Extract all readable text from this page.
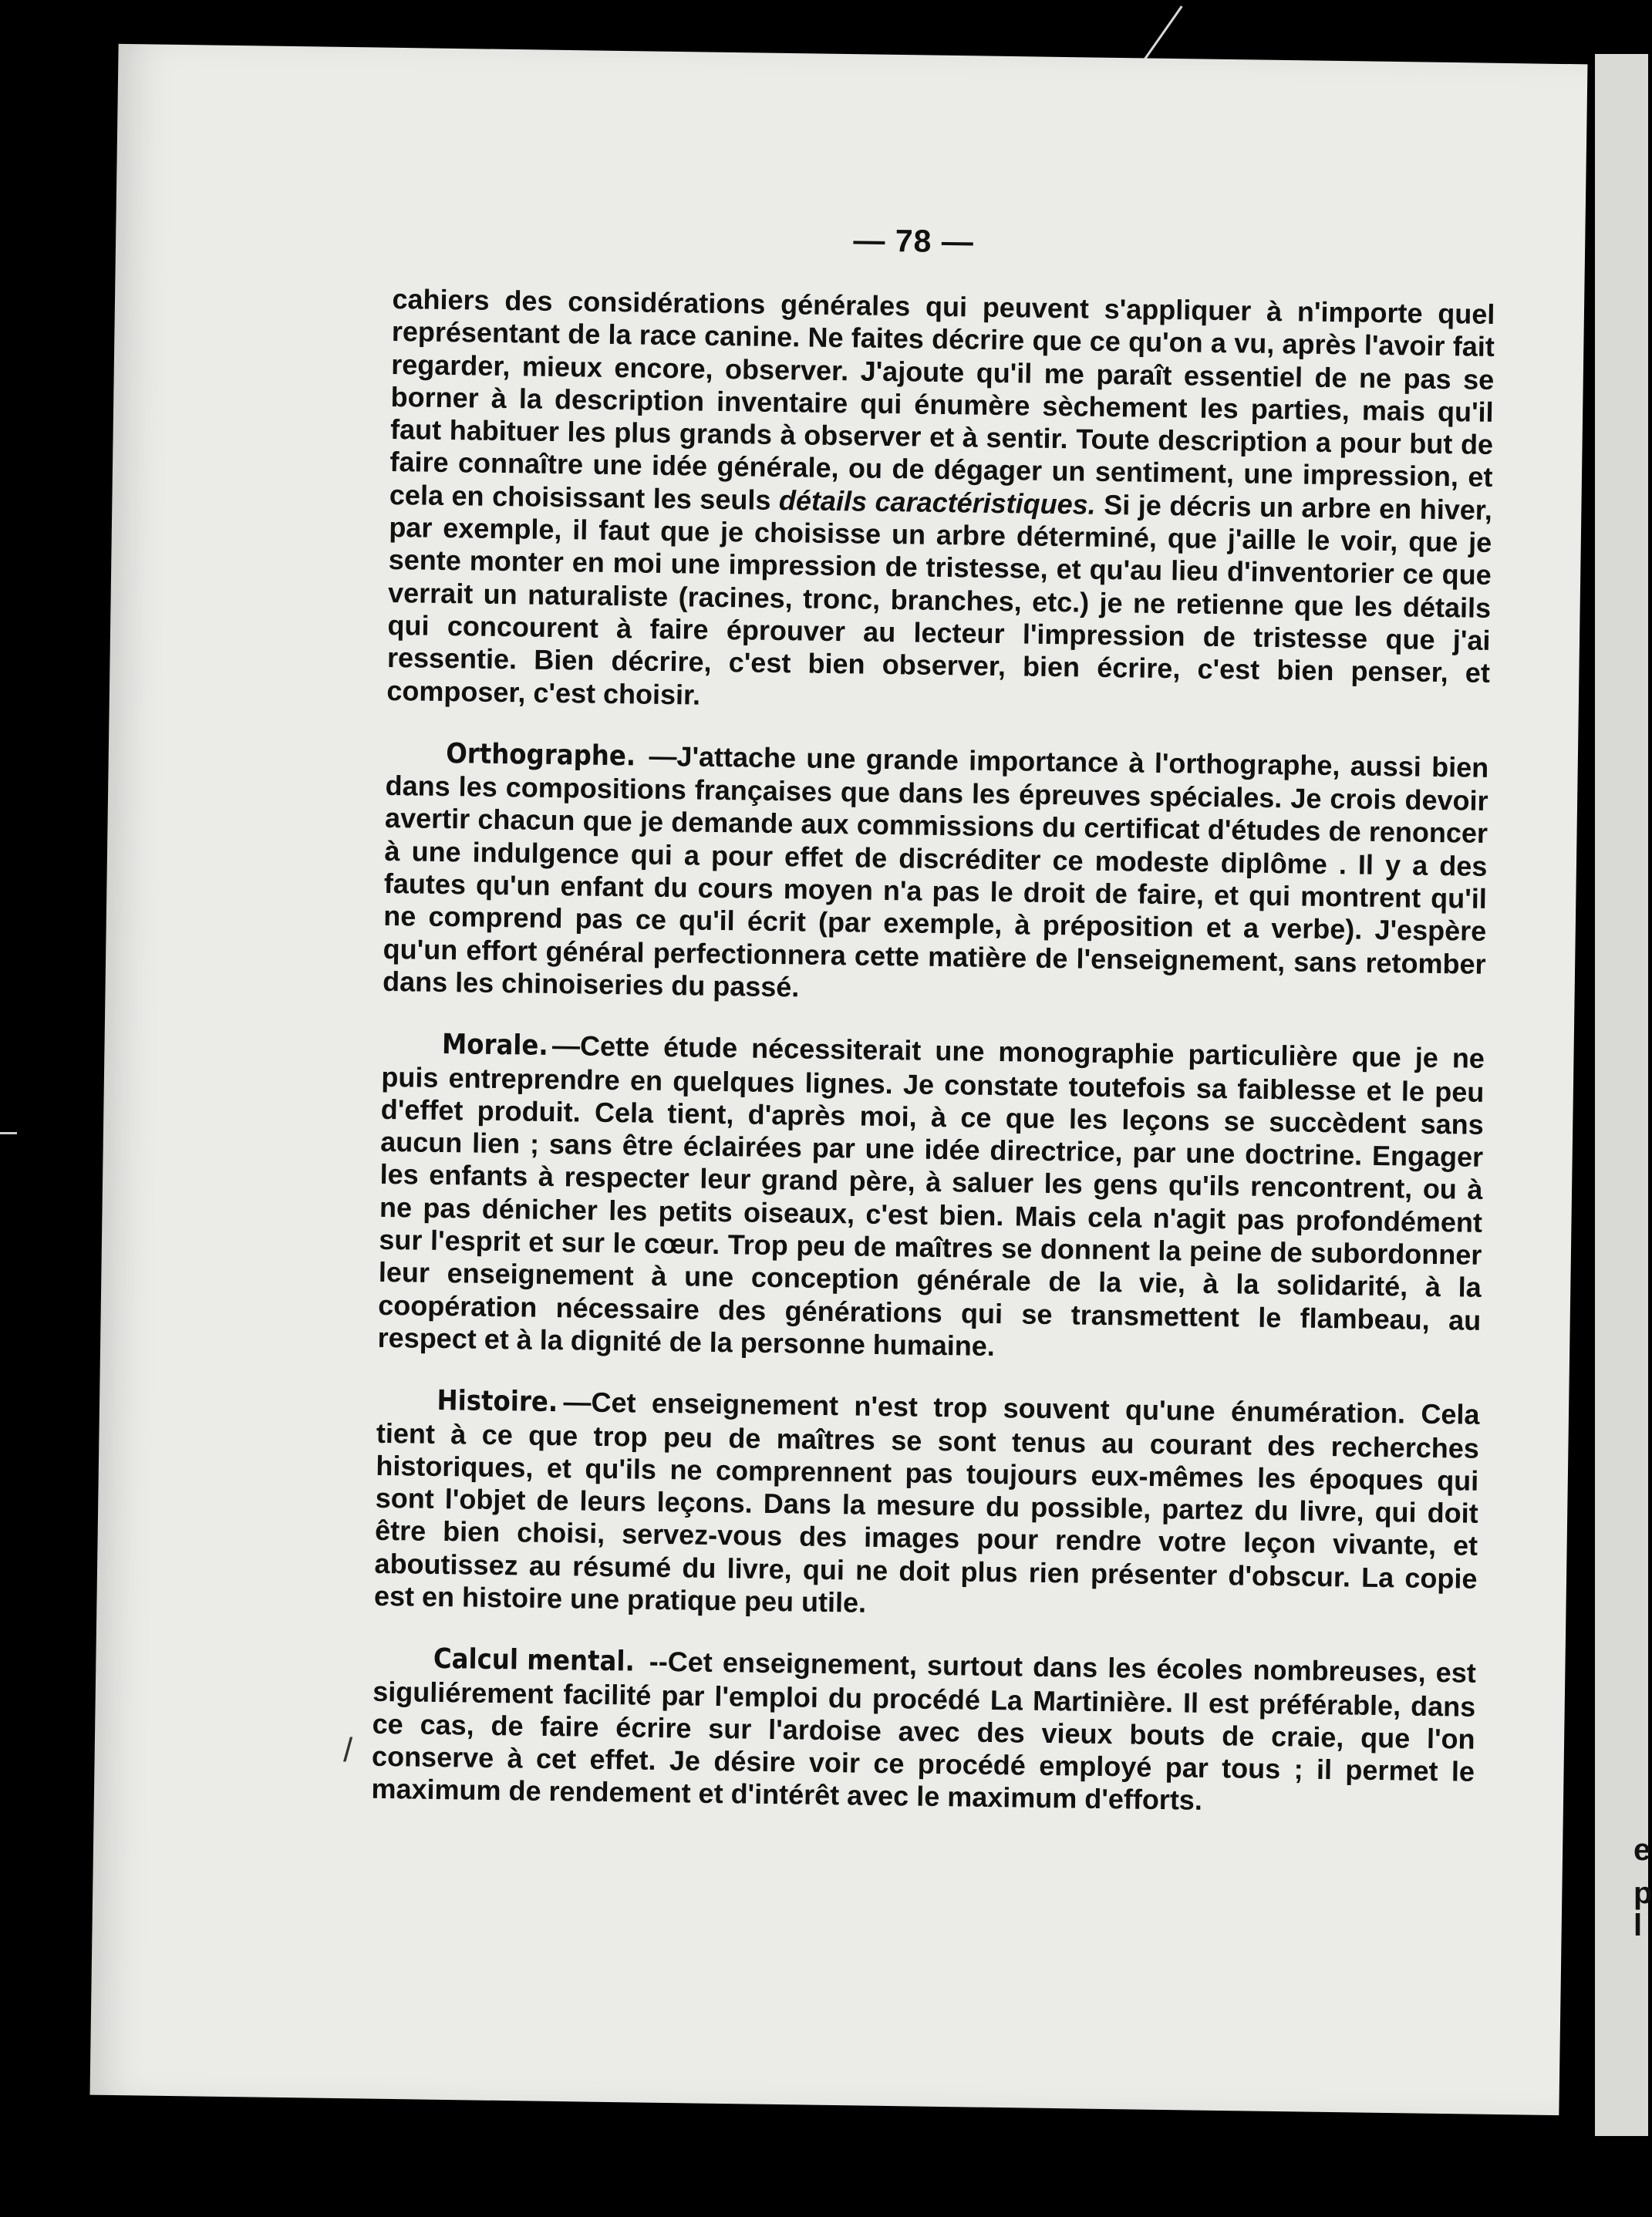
e
p
l
— 78 —

cahiers des considérations générales qui peuvent s'appliquer à n'importe quel représentant de la race canine. Ne faites décrire que ce qu'on a vu, après l'avoir fait regarder, mieux encore, observer. J'ajoute qu'il me paraît essentiel de ne pas se borner à la description inventaire qui énumère sèchement les parties, mais qu'il faut habituer les plus grands à observer et à sentir. Toute description a pour but de faire connaître une idée générale, ou de dégager un sentiment, une impression, et cela en choisissant les seuls détails caractéristiques. Si je décris un arbre en hiver, par exemple, il faut que je choisisse un arbre déterminé, que j'aille le voir, que je sente monter en moi une impression de tristesse, et qu'au lieu d'inventorier ce que verrait un naturaliste (racines, tronc, branches, etc.) je ne retienne que les détails qui concourent à faire éprouver au lecteur l'impression de tristesse que j'ai ressentie. Bien décrire, c'est bien observer, bien écrire, c'est bien penser, et composer, c'est choisir.

Orthographe. —J'attache une grande importance à l'orthographe, aussi bien dans les compositions françaises que dans les épreuves spéciales. Je crois devoir avertir chacun que je demande aux commissions du certificat d'études de renoncer à une indulgence qui a pour effet de discréditer ce modeste diplôme . Il y a des fautes qu'un enfant du cours moyen n'a pas le droit de faire, et qui montrent qu'il ne comprend pas ce qu'il écrit (par exemple, à préposition et a verbe). J'espère qu'un effort général perfectionnera cette matière de l'enseignement, sans retomber dans les chinoiseries du passé.

Morale. —Cette étude nécessiterait une monographie particulière que je ne puis entreprendre en quelques lignes. Je constate toutefois sa faiblesse et le peu d'effet produit. Cela tient, d'après moi, à ce que les leçons se succèdent sans aucun lien ; sans être éclairées par une idée directrice, par une doctrine. Engager les enfants à respecter leur grand père, à saluer les gens qu'ils rencontrent, ou à ne pas dénicher les petits oiseaux, c'est bien. Mais cela n'agit pas profondément sur l'esprit et sur le cœur. Trop peu de maîtres se donnent la peine de subordonner leur enseignement à une conception générale de la vie, à la solidarité, à la coopération nécessaire des générations qui se transmettent le flambeau, au respect et à la dignité de la personne humaine.

Histoire. —Cet enseignement n'est trop souvent qu'une énumération. Cela tient à ce que trop peu de maîtres se sont tenus au courant des recherches historiques, et qu'ils ne comprennent pas toujours eux-mêmes les époques qui sont l'objet de leurs leçons. Dans la mesure du possible, partez du livre, qui doit être bien choisi, servez-vous des images pour rendre votre leçon vivante, et aboutissez au résumé du livre, qui ne doit plus rien présenter d'obscur. La copie est en histoire une pratique peu utile.

Calcul mental. --Cet enseignement, surtout dans les écoles nombreuses, est siguliérement facilité par l'emploi du procédé La Martinière. Il est préférable, dans ce cas, de faire écrire sur l'ardoise avec des vieux bouts de craie, que l'on conserve à cet effet. Je désire voir ce procédé employé par tous ; il permet le maximum de rendement et d'intérêt avec le maximum d'efforts.

/
